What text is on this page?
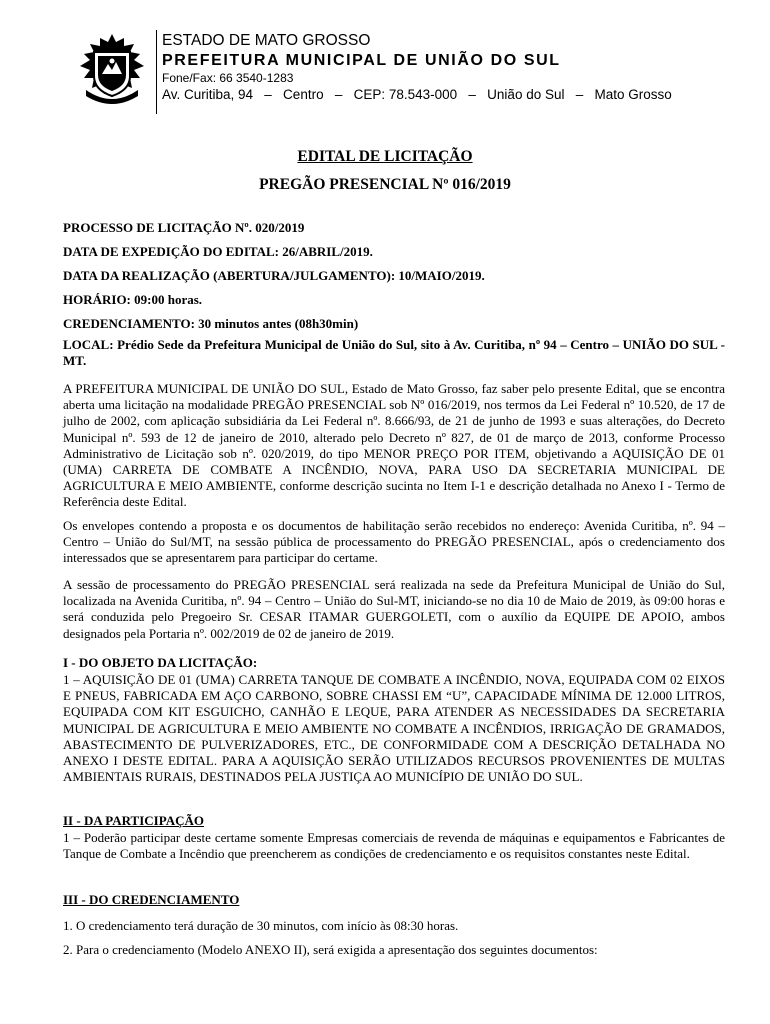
ESTADO DE MATO GROSSO
PREFEITURA MUNICIPAL DE UNIÃO DO SUL
Fone/Fax: 66 3540-1283
Av. Curitiba, 94   –   Centro   –   CEP: 78.543-000   –   União do Sul   –   Mato Grosso
EDITAL DE LICITAÇÃO
PREGÃO PRESENCIAL Nº 016/2019
PROCESSO DE LICITAÇÃO Nº. 020/2019
DATA DE EXPEDIÇÃO DO EDITAL: 26/ABRIL/2019.
DATA DA REALIZAÇÃO (ABERTURA/JULGAMENTO): 10/MAIO/2019.
HORÁRIO: 09:00 horas.
CREDENCIAMENTO: 30 minutos antes (08h30min)
LOCAL: Prédio Sede da Prefeitura Municipal de União do Sul, sito à Av. Curitiba, nº 94 – Centro – UNIÃO DO SUL - MT.
A PREFEITURA MUNICIPAL DE UNIÃO DO SUL, Estado de Mato Grosso, faz saber pelo presente Edital, que se encontra aberta uma licitação na modalidade PREGÃO PRESENCIAL sob Nº 016/2019, nos termos da Lei Federal nº 10.520, de 17 de julho de 2002, com aplicação subsidiária da Lei Federal nº. 8.666/93, de 21 de junho de 1993 e suas alterações, do Decreto Municipal nº. 593 de 12 de janeiro de 2010, alterado pelo Decreto nº 827, de 01 de março de 2013, conforme Processo Administrativo de Licitação sob nº. 020/2019, do tipo MENOR PREÇO POR ITEM, objetivando a AQUISIÇÃO DE 01 (UMA) CARRETA DE COMBATE A INCÊNDIO, NOVA, PARA USO DA SECRETARIA MUNICIPAL DE AGRICULTURA E MEIO AMBIENTE, conforme descrição sucinta no Item I-1 e descrição detalhada no Anexo I - Termo de Referência deste Edital.
Os envelopes contendo a proposta e os documentos de habilitação serão recebidos no endereço: Avenida Curitiba, nº. 94 – Centro – União do Sul/MT, na sessão pública de processamento do PREGÃO PRESENCIAL, após o credenciamento dos interessados que se apresentarem para participar do certame.
A sessão de processamento do PREGÃO PRESENCIAL será realizada na sede da Prefeitura Municipal de União do Sul, localizada na Avenida Curitiba, nº. 94 – Centro – União do Sul-MT, iniciando-se no dia 10 de Maio de 2019, às 09:00 horas e será conduzida pelo Pregoeiro Sr. CESAR ITAMAR GUERGOLETI, com o auxílio da EQUIPE DE APOIO, ambos designados pela Portaria nº. 002/2019 de 02 de janeiro de 2019.
I - DO OBJETO DA LICITAÇÃO:
1 – AQUISIÇÃO DE 01 (UMA) CARRETA TANQUE DE COMBATE A INCÊNDIO, NOVA, EQUIPADA COM 02 EIXOS E PNEUS, FABRICADA EM AÇO CARBONO, SOBRE CHASSI EM “U”, CAPACIDADE MÍNIMA DE 12.000 LITROS, EQUIPADA COM KIT ESGUICHO, CANHÃO E LEQUE, PARA ATENDER AS NECESSIDADES DA SECRETARIA MUNICIPAL DE AGRICULTURA E MEIO AMBIENTE NO COMBATE A INCÊNDIOS, IRRIGAÇÃO DE GRAMADOS, ABASTECIMENTO DE PULVERIZADORES, ETC., DE CONFORMIDADE COM A DESCRIÇÃO DETALHADA NO ANEXO I DESTE EDITAL. PARA A AQUISIÇÃO SERÃO UTILIZADOS RECURSOS PROVENIENTES DE MULTAS AMBIENTAIS RURAIS, DESTINADOS PELA JUSTIÇA AO MUNICÍPIO DE UNIÃO DO SUL.
II - DA PARTICIPAÇÃO
1 – Poderão participar deste certame somente Empresas comerciais de revenda de máquinas e equipamentos e Fabricantes de Tanque de Combate a Incêndio que preencherem as condições de credenciamento e os requisitos constantes neste Edital.
III - DO CREDENCIAMENTO
1. O credenciamento terá duração de 30 minutos, com início às 08:30 horas.
2. Para o credenciamento (Modelo ANEXO II), será exigida a apresentação dos seguintes documentos:
